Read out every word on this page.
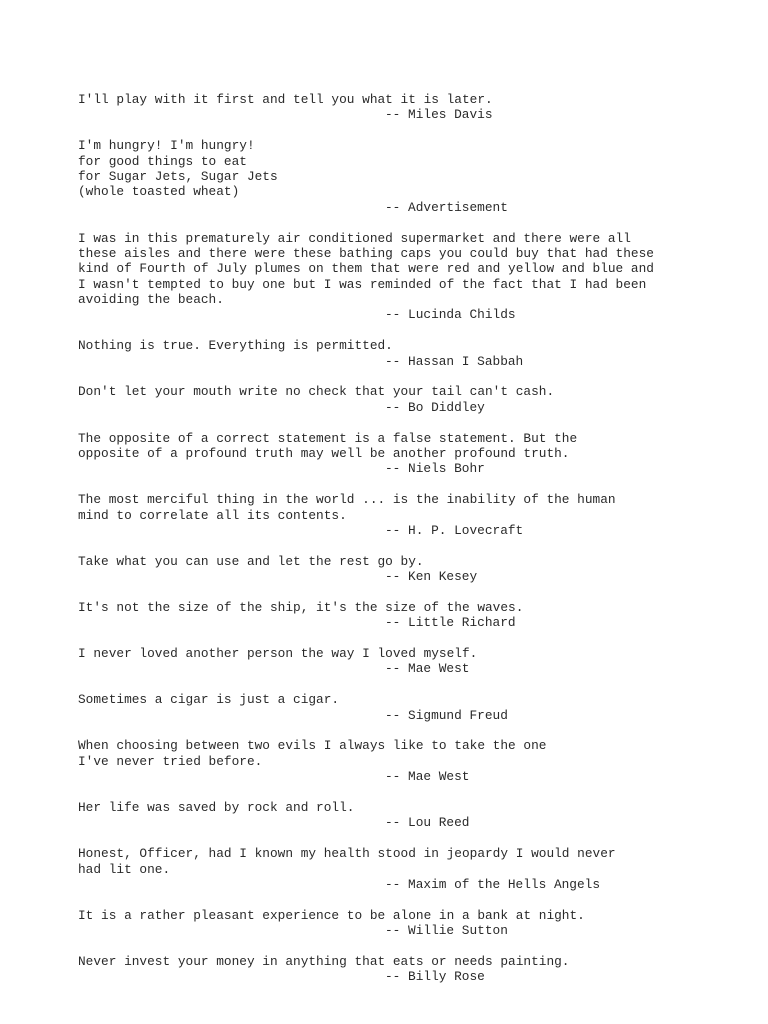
I'll play with it first and tell you what it is later.
-- Miles Davis
I'm hungry! I'm hungry!
for good things to eat
for Sugar Jets, Sugar Jets
(whole toasted wheat)
-- Advertisement
I was in this prematurely air conditioned supermarket and there were all
these aisles and there were these bathing caps you could buy that had these
kind of Fourth of July plumes on them that were red and yellow and blue and
I wasn't tempted to buy one but I was reminded of the fact that I had been
avoiding the beach.
-- Lucinda Childs
Nothing is true. Everything is permitted.
-- Hassan I Sabbah
Don't let your mouth write no check that your tail can't cash.
-- Bo Diddley
The opposite of a correct statement is a false statement. But the
opposite of a profound truth may well be another profound truth.
-- Niels Bohr
The most merciful thing in the world ... is the inability of the human
mind to correlate all its contents.
-- H. P. Lovecraft
Take what you can use and let the rest go by.
-- Ken Kesey
It's not the size of the ship, it's the size of the waves.
-- Little Richard
I never loved another person the way I loved myself.
-- Mae West
Sometimes a cigar is just a cigar.
-- Sigmund Freud
When choosing between two evils I always like to take the one
I've never tried before.
-- Mae West
Her life was saved by rock and roll.
-- Lou Reed
Honest, Officer, had I known my health stood in jeopardy I would never
had lit one.
-- Maxim of the Hells Angels
It is a rather pleasant experience to be alone in a bank at night.
-- Willie Sutton
Never invest your money in anything that eats or needs painting.
-- Billy Rose
